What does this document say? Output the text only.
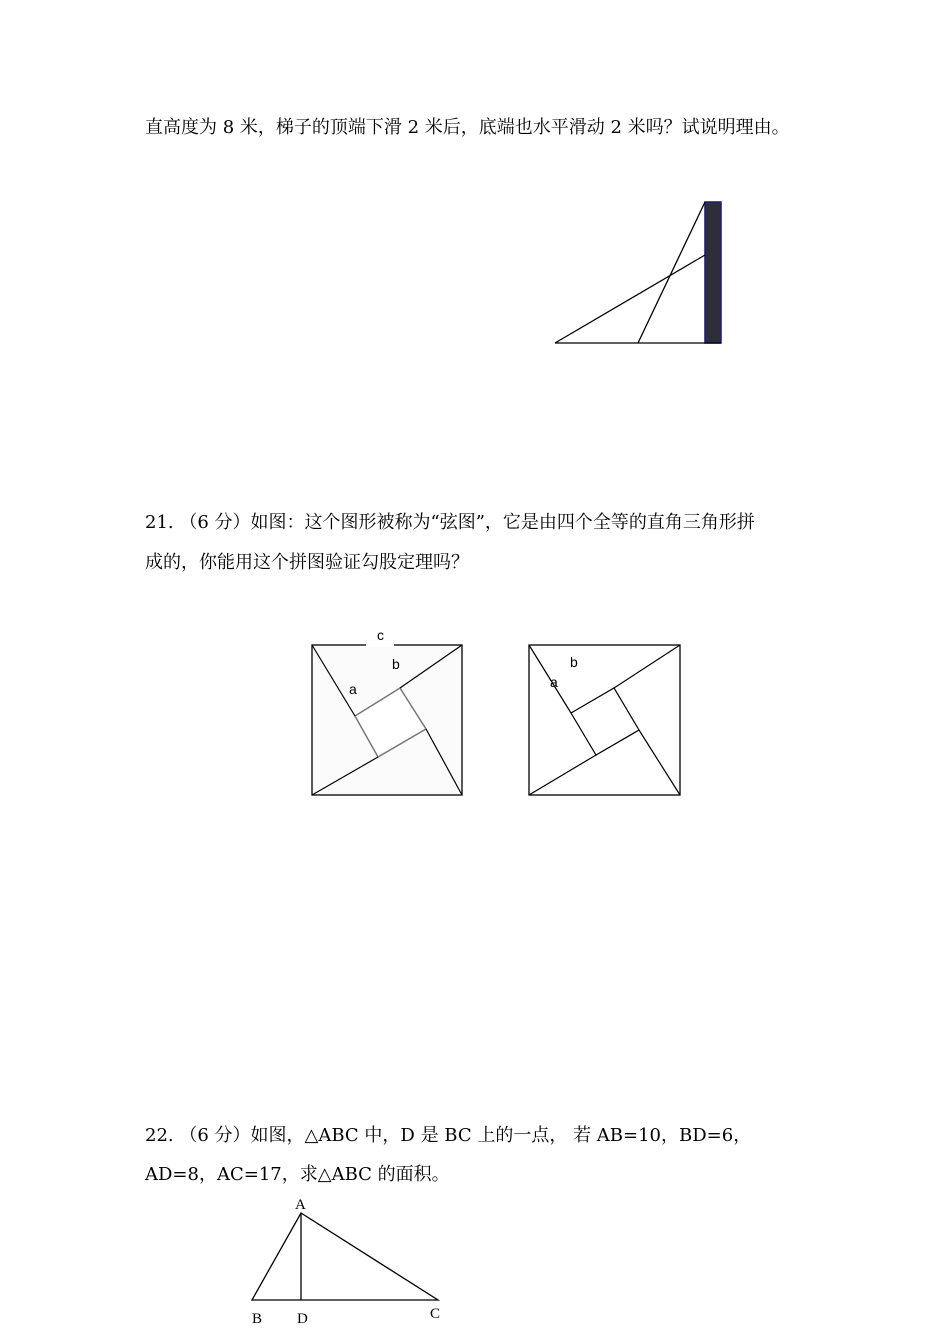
直高度为 8 米，梯子的顶端下滑 2 米后，底端也水平滑动 2 米吗？试说明理由。
21. （6 分）如图：这个图形被称为“弦图”，它是由四个全等的直角三角形拼
成的，你能用这个拼图验证勾股定理吗？
c
b
a
b
a
22. （6 分）如图，△ABC 中，D 是 BC 上的一点， 若 AB=10，BD=6，
AD=8，AC=17，求△ABC 的面积。
A
B D	C
